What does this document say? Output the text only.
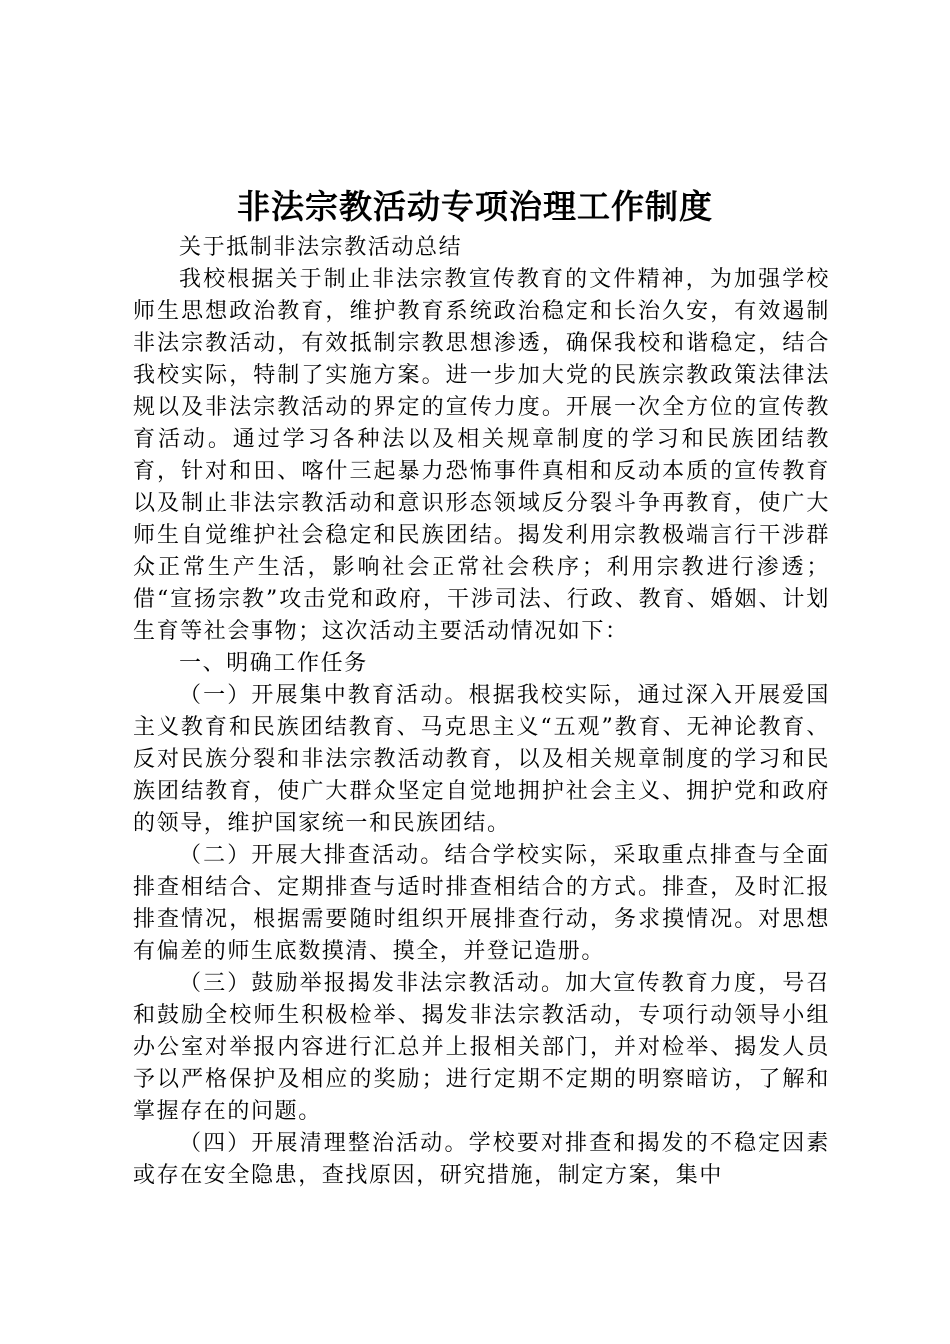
非法宗教活动专项治理工作制度

关于抵制非法宗教活动总结

我校根据关于制止非法宗教宣传教育的文件精神，为加强学校师生思想政治教育，维护教育系统政治稳定和长治久安，有效遏制非法宗教活动，有效抵制宗教思想渗透，确保我校和谐稳定，结合我校实际，特制了实施方案。进一步加大党的民族宗教政策法律法规以及非法宗教活动的界定的宣传力度。开展一次全方位的宣传教育活动。通过学习各种法以及相关规章制度的学习和民族团结教育，针对和田、喀什三起暴力恐怖事件真相和反动本质的宣传教育以及制止非法宗教活动和意识形态领域反分裂斗争再教育，使广大师生自觉维护社会稳定和民族团结。揭发利用宗教极端言行干涉群众正常生产生活，影响社会正常社会秩序；利用宗教进行渗透；借“宣扬宗教”攻击党和政府，干涉司法、行政、教育、婚姻、计划生育等社会事物；这次活动主要活动情况如下：

一、明确工作任务

（一）开展集中教育活动。根据我校实际，通过深入开展爱国主义教育和民族团结教育、马克思主义“五观”教育、无神论教育、反对民族分裂和非法宗教活动教育，以及相关规章制度的学习和民族团结教育，使广大群众坚定自觉地拥护社会主义、拥护党和政府的领导，维护国家统一和民族团结。

（二）开展大排查活动。结合学校实际，采取重点排查与全面排查相结合、定期排查与适时排查相结合的方式。排查，及时汇报排查情况，根据需要随时组织开展排查行动，务求摸情况。对思想有偏差的师生底数摸清、摸全，并登记造册。

（三）鼓励举报揭发非法宗教活动。加大宣传教育力度，号召和鼓励全校师生积极检举、揭发非法宗教活动，专项行动领导小组办公室对举报内容进行汇总并上报相关部门，并对检举、揭发人员予以严格保护及相应的奖励；进行定期不定期的明察暗访，了解和掌握存在的问题。

（四）开展清理整治活动。学校要对排查和揭发的不稳定因素或存在安全隐患，查找原因，研究措施，制定方案，集中
